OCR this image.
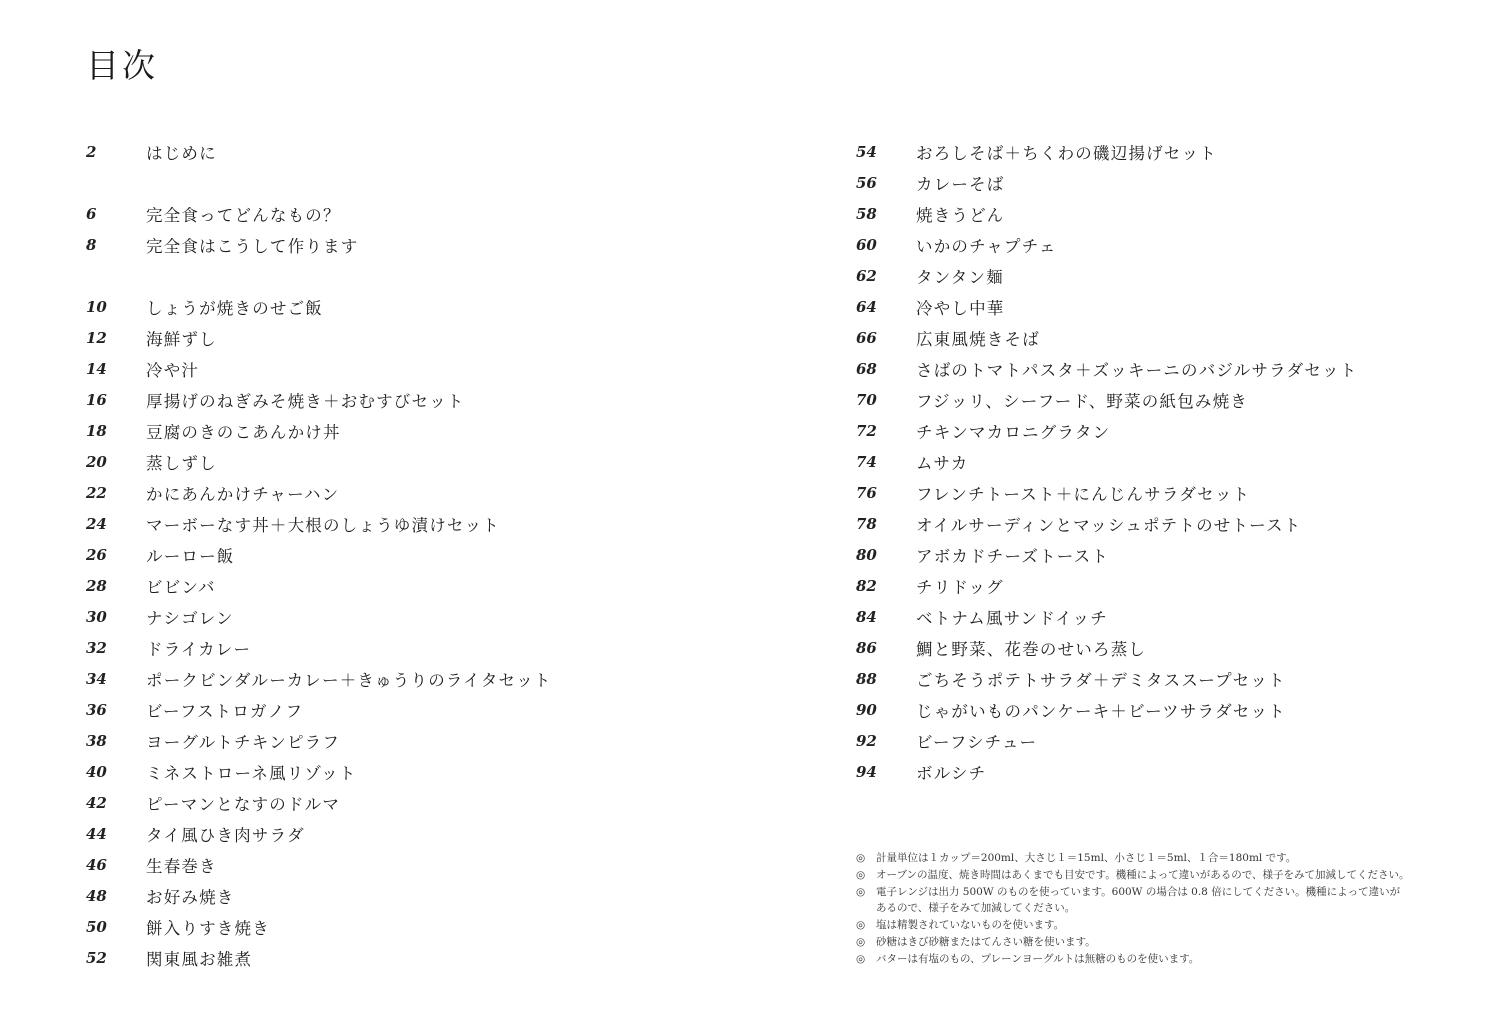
目次
2	はじめに
6	完全食ってどんなもの？
8	完全食はこうして作ります
10	しょうが焼きのせご飯
12	海鮮ずし
14	冷や汁
16	厚揚げのねぎみそ焼き＋おむすびセット
18	豆腐のきのこあんかけ丼
20	蒸しずし
22	かにあんかけチャーハン
24	マーボーなす丼＋大根のしょうゆ漬けセット
26	ルーロー飯
28	ビビンバ
30	ナシゴレン
32	ドライカレー
34	ポークビンダルーカレー＋きゅうりのライタセット
36	ビーフストロガノフ
38	ヨーグルトチキンピラフ
40	ミネストローネ風リゾット
42	ピーマンとなすのドルマ
44	タイ風ひき肉サラダ
46	生春巻き
48	お好み焼き
50	餅入りすき焼き
52	関東風お雑煮
54	おろしそば＋ちくわの磯辺揚げセット
56	カレーそば
58	焼きうどん
60	いかのチャプチェ
62	タンタン麺
64	冷やし中華
66	広東風焼きそば
68	さばのトマトパスタ＋ズッキーニのバジルサラダセット
70	フジッリ、シーフード、野菜の紙包み焼き
72	チキンマカロニグラタン
74	ムサカ
76	フレンチトースト＋にんじんサラダセット
78	オイルサーディンとマッシュポテトのせトースト
80	アボカドチーズトースト
82	チリドッグ
84	ベトナム風サンドイッチ
86	鯛と野菜、花巻のせいろ蒸し
88	ごちそうポテトサラダ＋デミタススープセット
90	じゃがいものパンケーキ＋ビーツサラダセット
92	ビーフシチュー
94	ボルシチ
◎	計量単位は１カップ＝200ml、大さじ１＝15ml、小さじ１＝5ml、１合＝180ml です。
◎	オーブンの温度、焼き時間はあくまでも目安です。機種によって違いがあるので、様子をみて加減してください。
◎	電子レンジは出力 500W のものを使っています。600W の場合は 0.8 倍にしてください。機種によって違いが
あるので、様子をみて加減してください。
◎	塩は精製されていないものを使います。
◎	砂糖はきび砂糖またはてんさい糖を使います。
◎	バターは有塩のもの、プレーンヨーグルトは無糖のものを使います。
